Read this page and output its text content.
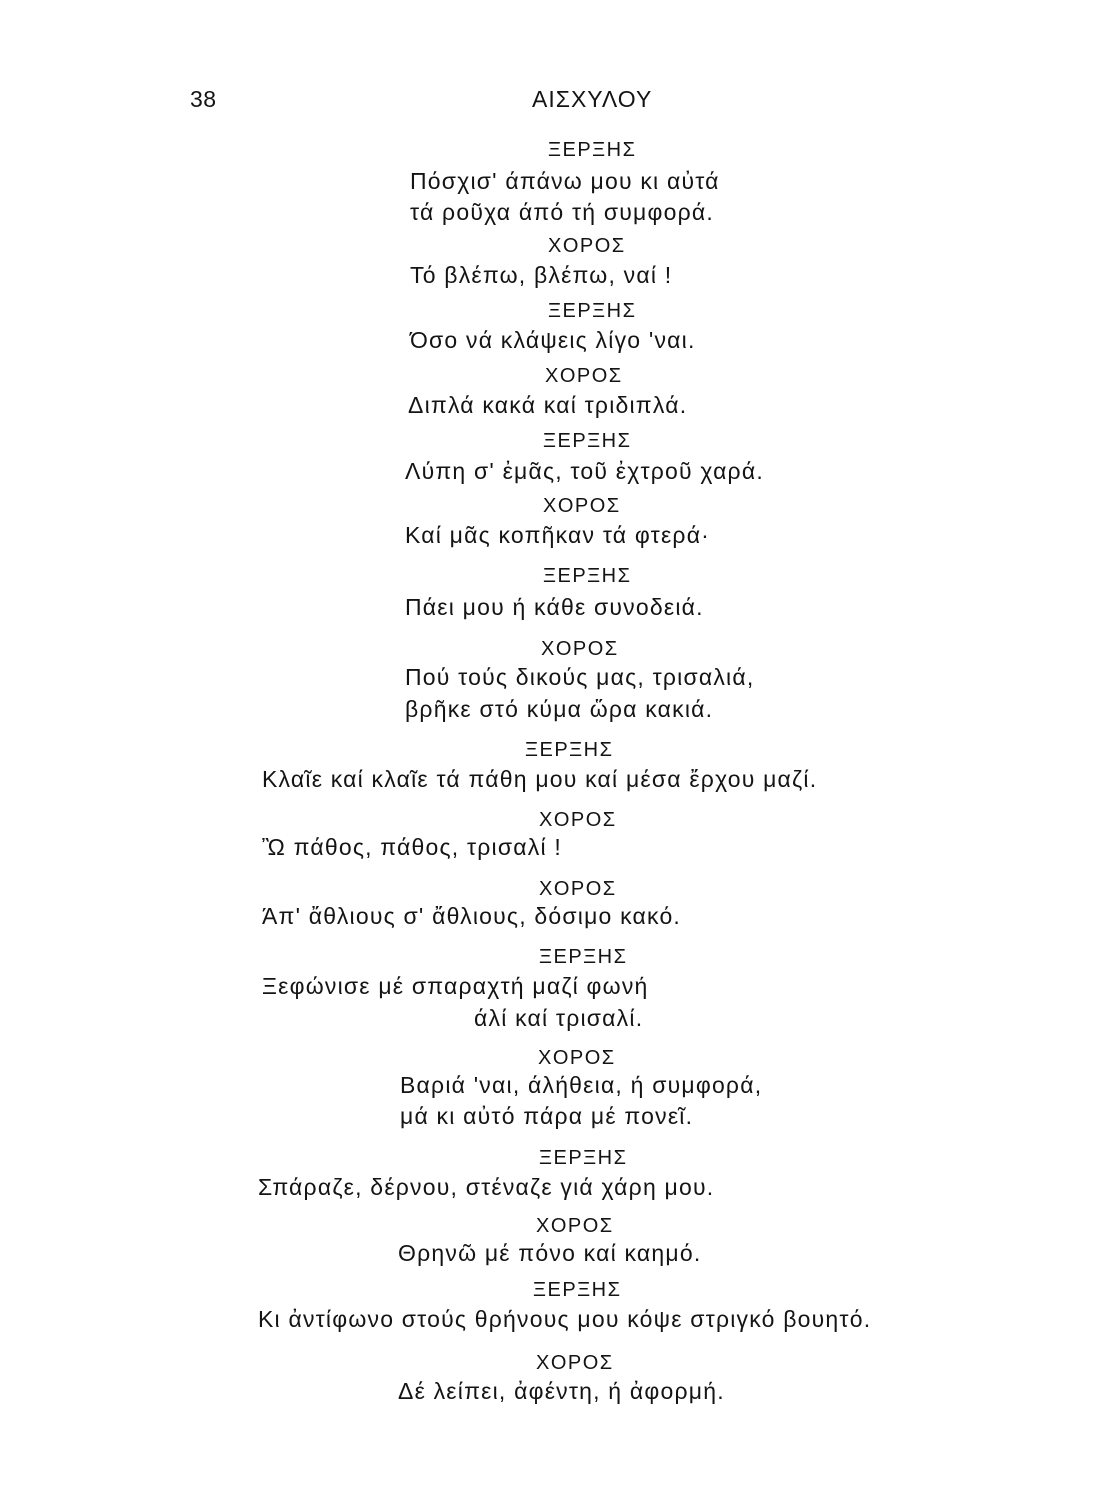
38	ΑΙΣΧΥΛΟΥ
ΞΕΡΞΗΣ
Πόσχισ' άπάνω μου κι αὐτά
τά ροῦχα άπό τή συμφορά.
ΧΟΡΟΣ
Τό βλέπω, βλέπω, ναί !
ΞΕΡΞΗΣ
Όσο νά κλάψεις λίγο 'ναι.
ΧΟΡΟΣ
Διπλά κακά καί τριδιπλά.
ΞΕΡΞΗΣ
Λύπη σ' ἐμᾶς, τοῦ ἐχτροῦ χαρά.
ΧΟΡΟΣ
Καί μᾶς κοπῆκαν τά φτερά·
ΞΕΡΞΗΣ
Πάει μου ή κάθε συνοδειά.
ΧΟΡΟΣ
Πού τούς δικούς μας, τρισαλιά,
βρῆκε στό κύμα ὥρα κακιά.
ΞΕΡΞΗΣ
Κλαῖε καί κλαῖε τά πάθη μου καί μέσα ἔρχου μαζί.
ΧΟΡΟΣ
Ὢ πάθος, πάθος, τρισαλί !
ΧΟΡΟΣ
Άπ' ἄθλιους σ' ἄθλιους, δόσιμο κακό.
ΞΕΡΞΗΣ
Ξεφώνισε μέ σπαραχτή μαζί φωνή
άλί καί τρισαλί.
ΧΟΡΟΣ
Βαριά 'ναι, άλήθεια, ή συμφορά,
μά κι αὐτό πάρα μέ πονεῖ.
ΞΕΡΞΗΣ
Σπάραζε, δέρνου, στέναζε γιά χάρη μου.
ΧΟΡΟΣ
Θρηνῶ μέ πόνο καί καημό.
ΞΕΡΞΗΣ
Κι ἀντίφωνο στούς θρήνους μου κόψε στριγκό βουητό.
ΧΟΡΟΣ
Δέ λείπει, ἀφέντη, ή ἀφορμή.
